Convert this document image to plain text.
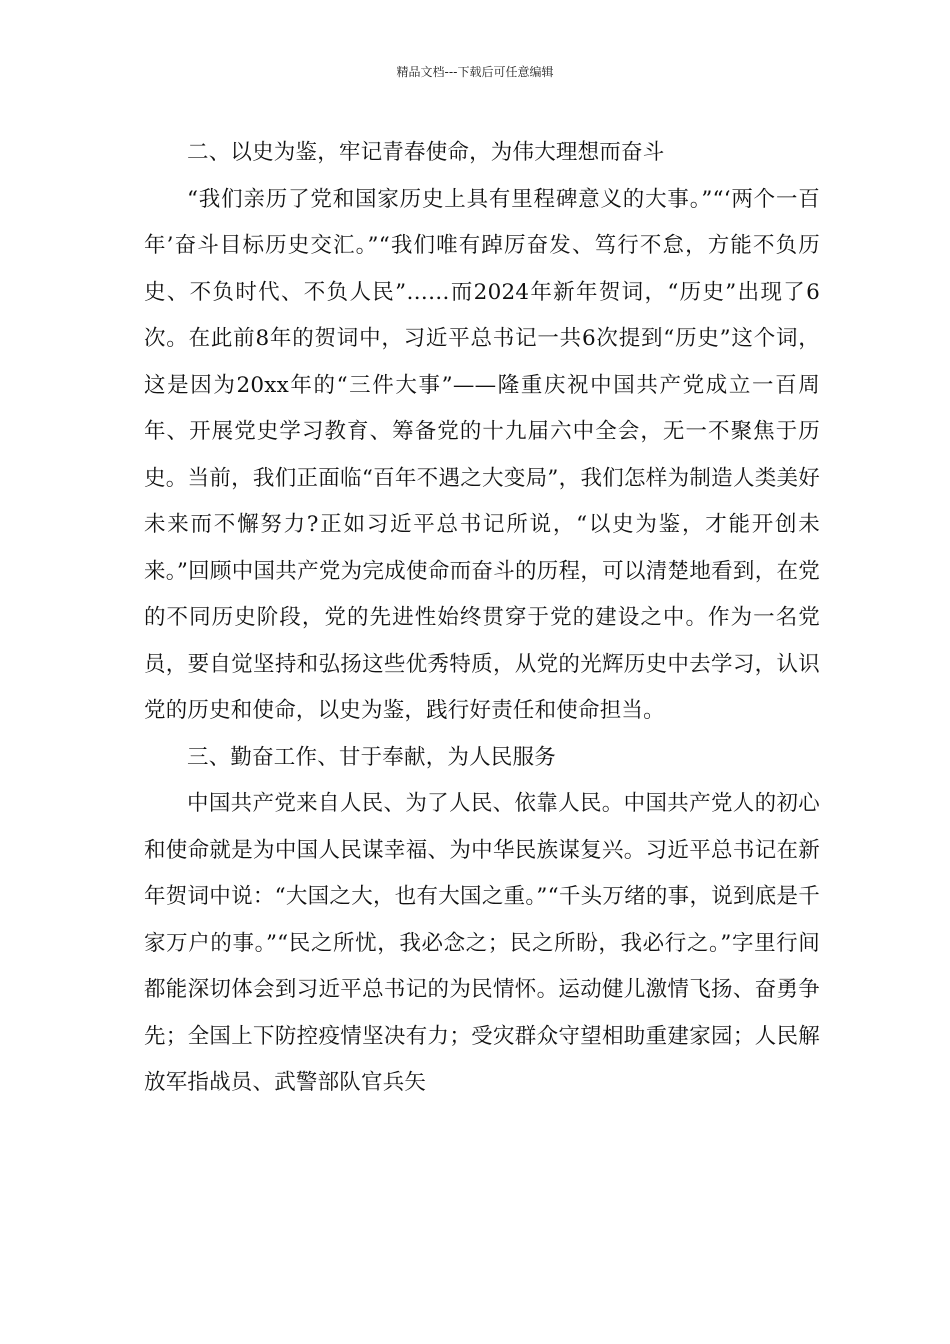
精品文档---下载后可任意编辑

二、以史为鉴，牢记青春使命，为伟大理想而奋斗

“我们亲历了党和国家历史上具有里程碑意义的大事。”“‘两个一百年’奋斗目标历史交汇。”“我们唯有踔厉奋发、笃行不怠，方能不负历史、不负时代、不负人民”……而2024年新年贺词，“历史”出现了6次。在此前8年的贺词中，习近平总书记一共6次提到“历史”这个词，这是因为20xx年的“三件大事”——隆重庆祝中国共产党成立一百周年、开展党史学习教育、筹备党的十九届六中全会，无一不聚焦于历史。当前，我们正面临“百年不遇之大变局”，我们怎样为制造人类美好未来而不懈努力?正如习近平总书记所说，“以史为鉴，才能开创未来。”回顾中国共产党为完成使命而奋斗的历程，可以清楚地看到，在党的不同历史阶段，党的先进性始终贯穿于党的建设之中。作为一名党员，要自觉坚持和弘扬这些优秀特质，从党的光辉历史中去学习，认识党的历史和使命，以史为鉴，践行好责任和使命担当。

三、勤奋工作、甘于奉献，为人民服务

中国共产党来自人民、为了人民、依靠人民。中国共产党人的初心和使命就是为中国人民谋幸福、为中华民族谋复兴。习近平总书记在新年贺词中说：“大国之大，也有大国之重。”“千头万绪的事，说到底是千家万户的事。”“民之所忧，我必念之；民之所盼，我必行之。”字里行间都能深切体会到习近平总书记的为民情怀。运动健儿激情飞扬、奋勇争先；全国上下防控疫情坚决有力；受灾群众守望相助重建家园；人民解放军指战员、武警部队官兵矢
